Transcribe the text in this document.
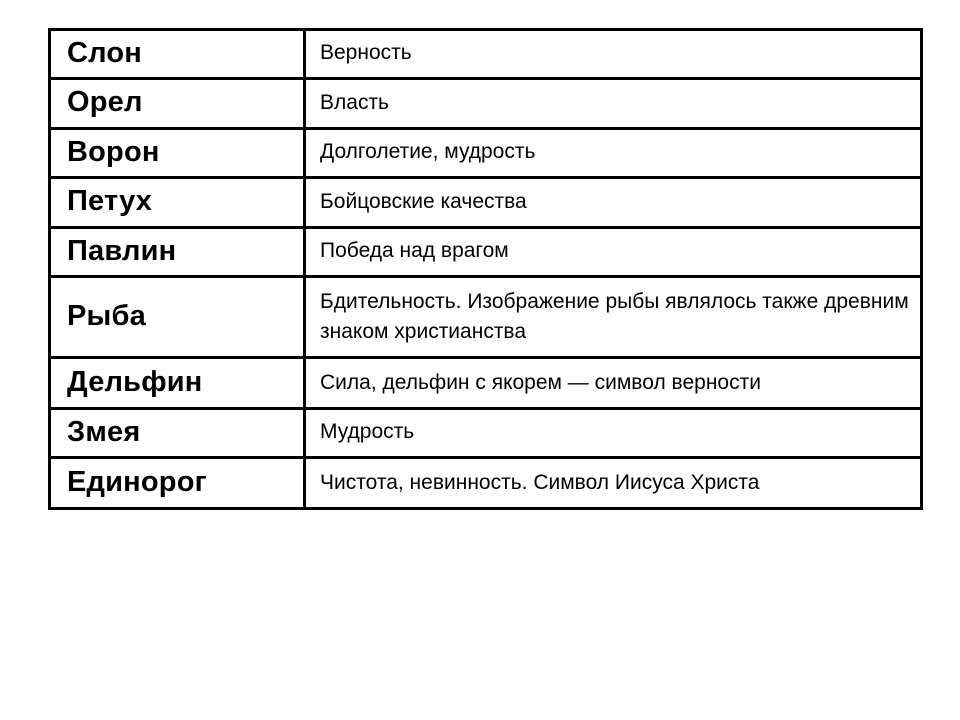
Слон	Верность

Орел	Власть

Ворон	Долголетие, мудрость

Петух	Бойцовские качества

Павлин	Победа над врагом

Рыба	Бдительность. Изображение рыбы являлось также древним знаком христианства

Дельфин	Сила, дельфин с якорем — символ верности

Змея	Мудрость

Единорог	Чистота, невинность. Символ Иисуса Христа
